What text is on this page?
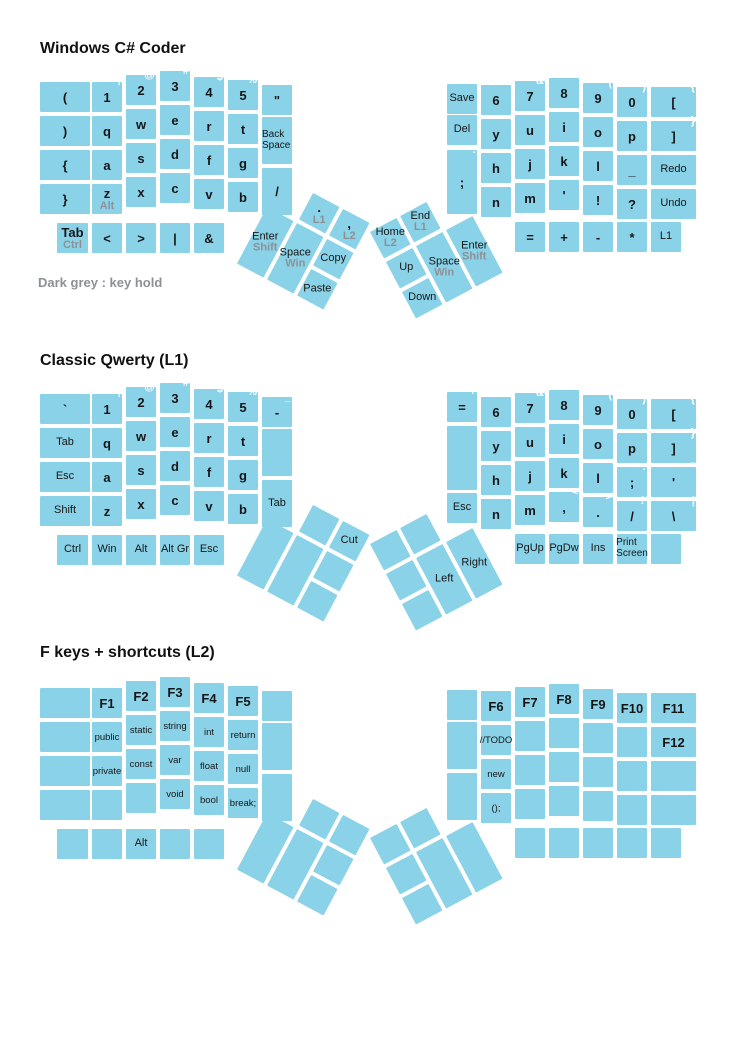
Dark grey : key hold
Windows C# Coder
(
)
{
}
1
!
q
a
z
Alt
2
@
w
s
x
3
#
e
d
c
4
$
r
f
v
5
%
t
g
b
"
Back Space
/
Tab
Ctrl < > | &
Save
Del
;
:
6
^
y
h
n
7
&
u
j
m
8
*
i
k
'
9
(
o
l
!
0
)
p
_
?
[
{
]
}
Redo
Undo
= + - * L1
.
L1 ,
L2
Enter
Shift Space
Win Copy
Paste
Home
L2
End
L1
Up
Down
Space
Win
Enter
Shift
Classic Qwerty (L1)
`
~
Tab
Esc
Shift
1
!
q
a
z
2
@
w
s
x
3
#
e
d
c
4
$
r
f
v
5
%
t
g
b
-
_
Tab
Ctrl Win Alt Alt Gr Esc
=
+
Esc
6
^
y
h
n
7
&
u
j
m
8
*
i
k
,
<
9
(
o
l
.
>
0
)
p
;
:
/
?
[
{
]
}
'
"
\
|
PgUp PgDw Ins Print Screen
Cut
Left
Right
F keys + shortcuts (L2)
F1
public
private
F2
static
const
F3
string
var
void
F4
int
float
bool
F5
return
null
break;
Alt
F6
//TODO
new
();
F7 F8 F9 F10 F11
F12
